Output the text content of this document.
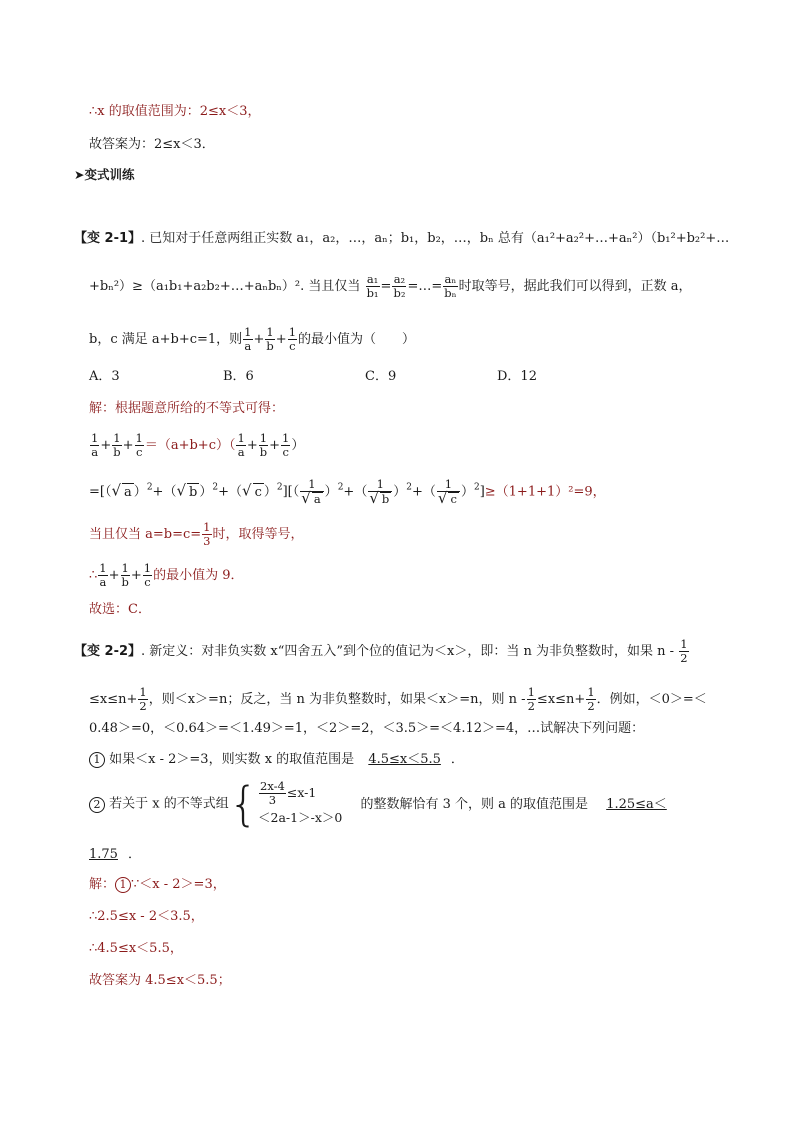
∴x 的取值范围为：2≤x＜3，
故答案为：2≤x＜3．
➤变式训练
【变 2-1】. 已知对于任意两组正实数 a₁，a₂，…，aₙ；b₁，b₂，…，bₙ 总有（a₁²+a₂²+…+aₙ²）（b₁²+b₂²+…
+bₙ²）≥（a₁b₁+a₂b₂+…+aₙbₙ）². 当且仅当 $\frac{\text{a₁}}{\text{b₁}} = \frac{\text{a₂}}{\text{b₂}}$ =…= $\frac{\text{aₙ}}{\text{bₙ}}$ 时取等号，据此我们可以得到，正数 a，
b，c 满足 a+b+c=1，则 $\frac{1}{a} + \frac{1}{b} + \frac{1}{c}$ 的最小值为（　　）
A．3	B．6	C．9	D．12
解：根据题意所给的不等式可得：
$\frac{1}{a} + \frac{1}{b} + \frac{1}{c} =(a+b+c)( \frac{1}{a} + \frac{1}{b} + \frac{1}{c}$ ）
=[（√ a ）$^2$+（√ b ）$^2$+（√ c ）$^2][( \frac{1}{√ a} )^2+( \frac{1}{√ b} )^2+( \frac{1}{√ c} )^2]\ge(1+1+1)^2=9$，
当且仅当 $a=b=c= \frac{1}{3}$ 时，取得等号，
∴ $\frac{1}{a} + \frac{1}{b} + \frac{1}{c}$ 的最小值为 9．
故选：C．
【变 2-2】. 新定义：对非负实数 x“四舍五入”到个位的值记为＜x＞，即：当 n 为非负整数时，如果 n - $\frac{1}{2}$
$\le x\le n+ \frac{1}{2}$ ，则＜x＞=n；反之，当 n 为非负整数时，如果＜x＞=n，则 $n - \frac{1}{2} \le x\le n+ \frac{1}{2}$ ．例如，＜0＞=＜
0.48＞=0，＜0.64＞=＜1.49＞=1，＜2＞=2，＜3.5＞=＜4.12＞=4，…试解决下列问题：
1 如果＜x - 2＞=3，则实数 x 的取值范围是 4.5≤x＜5.5 ．
2 若关于 x 的不等式组{ $\frac{2x-4}{3} \le x-1$
＜2a-1＞-x＞0
的整数解恰有 3 个，则 a 的取值范围是 1.25≤a＜
1.75 ．
解： 1 ∵＜x - 2＞=3，
∴2.5≤x - 2＜3.5，
∴4.5≤x＜5.5，
故答案为 4.5≤x＜5.5；
